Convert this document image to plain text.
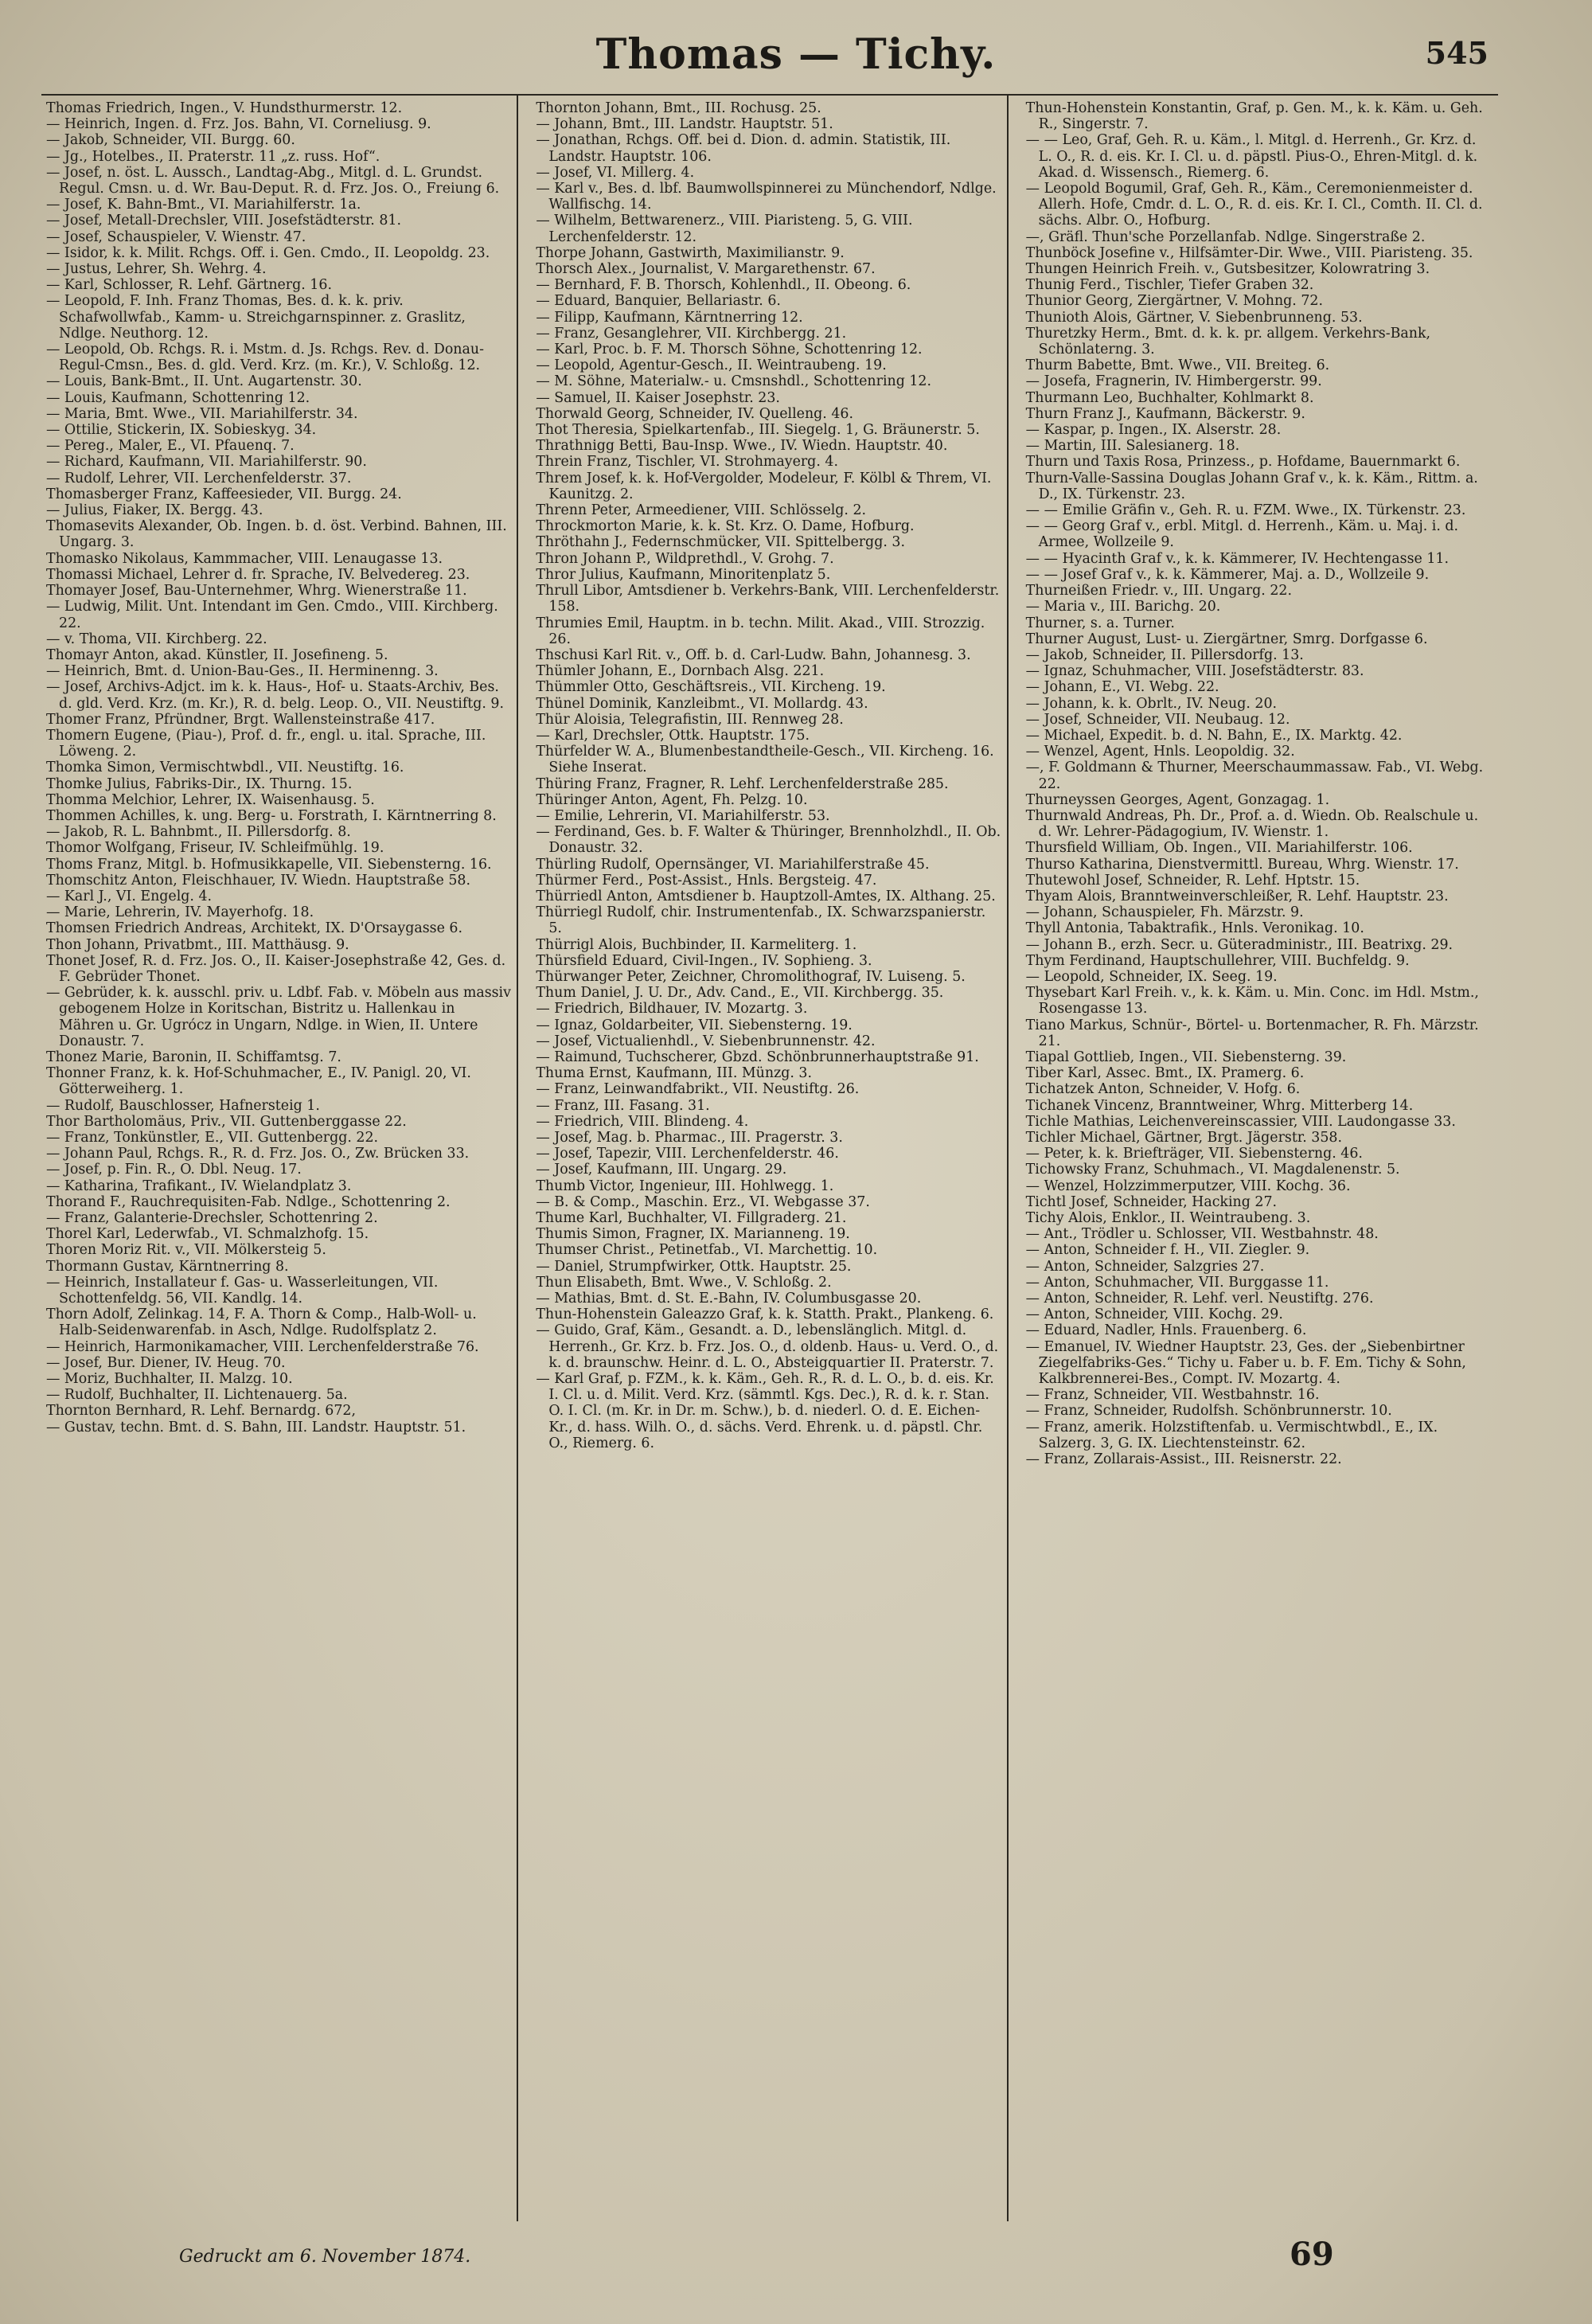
Thomas — Tichy.	545

Thomas Friedrich, Ingen., V. Hundsthurmerstr. 12.

— Heinrich, Ingen. d. Frz. Jos. Bahn, VI. Corneliusg. 9.

— Jakob, Schneider, VII. Burgg. 60.

— Jg., Hotelbes., II. Praterstr. 11 „z. russ. Hof“.

— Josef, n. öst. L. Aussch., Landtag-Abg., Mitgl. d. L. Grundst. Regul. Cmsn. u. d. Wr. Bau-Deput. R. d. Frz. Jos. O., Freiung 6.

— Josef, K. Bahn-Bmt., VI. Mariahilferstr. 1a.

— Josef, Metall-Drechsler, VIII. Josefstädterstr. 81.

— Josef, Schauspieler, V. Wienstr. 47.

— Isidor, k. k. Milit. Rchgs. Off. i. Gen. Cmdo., II. Leopoldg. 23.

— Justus, Lehrer, Sh. Wehrg. 4.

— Karl, Schlosser, R. Lehf. Gärtnerg. 16.

— Leopold, F. Inh. Franz Thomas, Bes. d. k. k. priv. Schafwollwfab., Kamm- u. Streichgarnspinner. z. Graslitz, Ndlge. Neuthorg. 12.

— Leopold, Ob. Rchgs. R. i. Mstm. d. Js. Rchgs. Rev. d. Donau-Regul-Cmsn., Bes. d. gld. Verd. Krz. (m. Kr.), V. Schloßg. 12.

— Louis, Bank-Bmt., II. Unt. Augartenstr. 30.

— Louis, Kaufmann, Schottenring 12.

— Maria, Bmt. Wwe., VII. Mariahilferstr. 34.

— Ottilie, Stickerin, IX. Sobieskyg. 34.

— Pereg., Maler, E., VI. Pfauenq. 7.

— Richard, Kaufmann, VII. Mariahilferstr. 90.

— Rudolf, Lehrer, VII. Lerchenfelderstr. 37.

Thomasberger Franz, Kaffeesieder, VII. Burgg. 24.

— Julius, Fiaker, IX. Bergg. 43.

Thomasevits Alexander, Ob. Ingen. b. d. öst. Verbind. Bahnen, III. Ungarg. 3.

Thomasko Nikolaus, Kammmacher, VIII. Lenaugasse 13.

Thomassi Michael, Lehrer d. fr. Sprache, IV. Belvedereg. 23.

Thomayer Josef, Bau-Unternehmer, Whrg. Wienerstraße 11.

— Ludwig, Milit. Unt. Intendant im Gen. Cmdo., VIII. Kirchberg. 22.

— v. Thoma, VII. Kirchberg. 22.

Thomayr Anton, akad. Künstler, II. Josefineng. 5.

— Heinrich, Bmt. d. Union-Bau-Ges., II. Herminenng. 3.

— Josef, Archivs-Adjct. im k. k. Haus-, Hof- u. Staats-Archiv, Bes. d. gld. Verd. Krz. (m. Kr.), R. d. belg. Leop. O., VII. Neustiftg. 9.

Thomer Franz, Pfründner, Brgt. Wallensteinstraße 417.

Thomern Eugene, (Piau-), Prof. d. fr., engl. u. ital. Sprache, III. Löweng. 2.

Thomka Simon, Vermischtwbdl., VII. Neustiftg. 16.

Thomke Julius, Fabriks-Dir., IX. Thurng. 15.

Thomma Melchior, Lehrer, IX. Waisenhausg. 5.

Thommen Achilles, k. ung. Berg- u. Forstrath, I. Kärntnerring 8.

— Jakob, R. L. Bahnbmt., II. Pillersdorfg. 8.

Thomor Wolfgang, Friseur, IV. Schleifmühlg. 19.

Thoms Franz, Mitgl. b. Hofmusikkapelle, VII. Siebensterng. 16.

Thomschitz Anton, Fleischhauer, IV. Wiedn. Hauptstraße 58.

— Karl J., VI. Engelg. 4.

— Marie, Lehrerin, IV. Mayerhofg. 18.

Thomsen Friedrich Andreas, Architekt, IX. D'Orsaygasse 6.

Thon Johann, Privatbmt., III. Matthäusg. 9.

Thonet Josef, R. d. Frz. Jos. O., II. Kaiser-Josephstraße 42, Ges. d. F. Gebrüder Thonet.

— Gebrüder, k. k. ausschl. priv. u. Ldbf. Fab. v. Möbeln aus massiv gebogenem Holze in Koritschan, Bistritz u. Hallenkau in Mähren u. Gr. Ugrócz in Ungarn, Ndlge. in Wien, II. Untere Donaustr. 7.

Thonez Marie, Baronin, II. Schiffamtsg. 7.

Thonner Franz, k. k. Hof-Schuhmacher, E., IV. Panigl. 20, VI. Götterweiherg. 1.

— Rudolf, Bauschlosser, Hafnersteig 1.

Thor Bartholomäus, Priv., VII. Guttenberggasse 22.

— Franz, Tonkünstler, E., VII. Guttenbergg. 22.

— Johann Paul, Rchgs. R., R. d. Frz. Jos. O., Zw. Brücken 33.

— Josef, p. Fin. R., O. Dbl. Neug. 17.

— Katharina, Trafikant., IV. Wielandplatz 3.

Thorand F., Rauchrequisiten-Fab. Ndlge., Schottenring 2.

— Franz, Galanterie-Drechsler, Schottenring 2.

Thorel Karl, Lederwfab., VI. Schmalzhofg. 15.

Thoren Moriz Rit. v., VII. Mölkersteig 5.

Thormann Gustav, Kärntnerring 8.

— Heinrich, Installateur f. Gas- u. Wasserleitungen, VII. Schottenfeldg. 56, VII. Kandlg. 14.

Thorn Adolf, Zelinkag. 14, F. A. Thorn & Comp., Halb-Woll- u. Halb-Seidenwarenfab. in Asch, Ndlge. Rudolfsplatz 2.

— Heinrich, Harmonikamacher, VIII. Lerchenfelderstraße 76.

— Josef, Bur. Diener, IV. Heug. 70.

— Moriz, Buchhalter, II. Malzg. 10.

— Rudolf, Buchhalter, II. Lichtenauerg. 5a.

Thornton Bernhard, R. Lehf. Bernardg. 672,

— Gustav, techn. Bmt. d. S. Bahn, III. Landstr. Hauptstr. 51.

Thornton Johann, Bmt., III. Rochusg. 25.

— Johann, Bmt., III. Landstr. Hauptstr. 51.

— Jonathan, Rchgs. Off. bei d. Dion. d. admin. Statistik, III. Landstr. Hauptstr. 106.

— Josef, VI. Millerg. 4.

— Karl v., Bes. d. lbf. Baumwollspinnerei zu Münchendorf, Ndlge. Wallfischg. 14.

— Wilhelm, Bettwarenerz., VIII. Piaristeng. 5, G. VIII. Lerchenfelderstr. 12.

Thorpe Johann, Gastwirth, Maximilianstr. 9.

Thorsch Alex., Journalist, V. Margarethenstr. 67.

— Bernhard, F. B. Thorsch, Kohlenhdl., II. Obeong. 6.

— Eduard, Banquier, Bellariastr. 6.

— Filipp, Kaufmann, Kärntnerring 12.

— Franz, Gesanglehrer, VII. Kirchbergg. 21.

— Karl, Proc. b. F. M. Thorsch Söhne, Schottenring 12.

— Leopold, Agentur-Gesch., II. Weintraubeng. 19.

— M. Söhne, Materialw.- u. Cmsnshdl., Schottenring 12.

— Samuel, II. Kaiser Josephstr. 23.

Thorwald Georg, Schneider, IV. Quelleng. 46.

Thot Theresia, Spielkartenfab., III. Siegelg. 1, G. Bräunerstr. 5.

Thrathnigg Betti, Bau-Insp. Wwe., IV. Wiedn. Hauptstr. 40.

Threin Franz, Tischler, VI. Strohmayerg. 4.

Threm Josef, k. k. Hof-Vergolder, Modeleur, F. Kölbl & Threm, VI. Kaunitzg. 2.

Threnn Peter, Armeediener, VIII. Schlösselg. 2.

Throckmorton Marie, k. k. St. Krz. O. Dame, Hofburg.

Thröthahn J., Federnschmücker, VII. Spittelbergg. 3.

Thron Johann P., Wildprethdl., V. Grohg. 7.

Thror Julius, Kaufmann, Minoritenplatz 5.

Thrull Libor, Amtsdiener b. Verkehrs-Bank, VIII. Lerchenfelderstr. 158.

Thrumies Emil, Hauptm. in b. techn. Milit. Akad., VIII. Strozzig. 26.

Thschusi Karl Rit. v., Off. b. d. Carl-Ludw. Bahn, Johannesg. 3.

Thümler Johann, E., Dornbach Alsg. 221.

Thümmler Otto, Geschäftsreis., VII. Kircheng. 19.

Thünel Dominik, Kanzleibmt., VI. Mollardg. 43.

Thür Aloisia, Telegrafistin, III. Rennweg 28.

— Karl, Drechsler, Ottk. Hauptstr. 175.

Thürfelder W. A., Blumenbestandtheile-Gesch., VII. Kircheng. 16. Siehe Inserat.

Thüring Franz, Fragner, R. Lehf. Lerchenfelderstraße 285.

Thüringer Anton, Agent, Fh. Pelzg. 10.

— Emilie, Lehrerin, VI. Mariahilferstr. 53.

— Ferdinand, Ges. b. F. Walter & Thüringer, Brennholzhdl., II. Ob. Donaustr. 32.

Thürling Rudolf, Opernsänger, VI. Mariahilferstraße 45.

Thürmer Ferd., Post-Assist., Hnls. Bergsteig. 47.

Thürriedl Anton, Amtsdiener b. Hauptzoll-Amtes, IX. Althang. 25.

Thürriegl Rudolf, chir. Instrumentenfab., IX. Schwarzspanierstr. 5.

Thürrigl Alois, Buchbinder, II. Karmeliterg. 1.

Thürsfield Eduard, Civil-Ingen., IV. Sophieng. 3.

Thürwanger Peter, Zeichner, Chromolithograf, IV. Luiseng. 5.

Thum Daniel, J. U. Dr., Adv. Cand., E., VII. Kirchbergg. 35.

— Friedrich, Bildhauer, IV. Mozartg. 3.

— Ignaz, Goldarbeiter, VII. Siebensterng. 19.

— Josef, Victualienhdl., V. Siebenbrunnenstr. 42.

— Raimund, Tuchscherer, Gbzd. Schönbrunnerhauptstraße 91.

Thuma Ernst, Kaufmann, III. Münzg. 3.

— Franz, Leinwandfabrikt., VII. Neustiftg. 26.

— Franz, III. Fasang. 31.

— Friedrich, VIII. Blindeng. 4.

— Josef, Mag. b. Pharmac., III. Pragerstr. 3.

— Josef, Tapezir, VIII. Lerchenfelderstr. 46.

— Josef, Kaufmann, III. Ungarg. 29.

Thumb Victor, Ingenieur, III. Hohlwegg. 1.

— B. & Comp., Maschin. Erz., VI. Webgasse 37.

Thume Karl, Buchhalter, VI. Fillgraderg. 21.

Thumis Simon, Fragner, IX. Marianneng. 19.

Thumser Christ., Petinetfab., VI. Marchettig. 10.

— Daniel, Strumpfwirker, Ottk. Hauptstr. 25.

Thun Elisabeth, Bmt. Wwe., V. Schloßg. 2.

— Mathias, Bmt. d. St. E.-Bahn, IV. Columbusgasse 20.

Thun-Hohenstein Galeazzo Graf, k. k. Statth. Prakt., Plankeng. 6.

— Guido, Graf, Käm., Gesandt. a. D., lebenslänglich. Mitgl. d. Herrenh., Gr. Krz. b. Frz. Jos. O., d. oldenb. Haus- u. Verd. O., d. k. d. braunschw. Heinr. d. L. O., Absteigquartier II. Praterstr. 7.

— Karl Graf, p. FZM., k. k. Käm., Geh. R., R. d. L. O., b. d. eis. Kr. I. Cl. u. d. Milit. Verd. Krz. (sämmtl. Kgs. Dec.), R. d. k. r. Stan. O. I. Cl. (m. Kr. in Dr. m. Schw.), b. d. niederl. O. d. E. Eichen-Kr., d. hass. Wilh. O., d. sächs. Verd. Ehrenk. u. d. päpstl. Chr. O., Riemerg. 6.

Thun-Hohenstein Konstantin, Graf, p. Gen. M., k. k. Käm. u. Geh. R., Singerstr. 7.

— — Leo, Graf, Geh. R. u. Käm., l. Mitgl. d. Herrenh., Gr. Krz. d. L. O., R. d. eis. Kr. I. Cl. u. d. päpstl. Pius-O., Ehren-Mitgl. d. k. Akad. d. Wissensch., Riemerg. 6.

— Leopold Bogumil, Graf, Geh. R., Käm., Ceremonienmeister d. Allerh. Hofe, Cmdr. d. L. O., R. d. eis. Kr. I. Cl., Comth. II. Cl. d. sächs. Albr. O., Hofburg.

—, Gräfl. Thun'sche Porzellanfab. Ndlge. Singerstraße 2.

Thunböck Josefine v., Hilfsämter-Dir. Wwe., VIII. Piaristeng. 35.

Thungen Heinrich Freih. v., Gutsbesitzer, Kolowratring 3.

Thunig Ferd., Tischler, Tiefer Graben 32.

Thunior Georg, Ziergärtner, V. Mohng. 72.

Thunioth Alois, Gärtner, V. Siebenbrunneng. 53.

Thuretzky Herm., Bmt. d. k. k. pr. allgem. Verkehrs-Bank, Schönlaterng. 3.

Thurm Babette, Bmt. Wwe., VII. Breiteg. 6.

— Josefa, Fragnerin, IV. Himbergerstr. 99.

Thurmann Leo, Buchhalter, Kohlmarkt 8.

Thurn Franz J., Kaufmann, Bäckerstr. 9.

— Kaspar, p. Ingen., IX. Alserstr. 28.

— Martin, III. Salesianerg. 18.

Thurn und Taxis Rosa, Prinzess., p. Hofdame, Bauernmarkt 6.

Thurn-Valle-Sassina Douglas Johann Graf v., k. k. Käm., Rittm. a. D., IX. Türkenstr. 23.

— — Emilie Gräfin v., Geh. R. u. FZM. Wwe., IX. Türkenstr. 23.

— — Georg Graf v., erbl. Mitgl. d. Herrenh., Käm. u. Maj. i. d. Armee, Wollzeile 9.

— — Hyacinth Graf v., k. k. Kämmerer, IV. Hechtengasse 11.

— — Josef Graf v., k. k. Kämmerer, Maj. a. D., Wollzeile 9.

Thurneißen Friedr. v., III. Ungarg. 22.

— Maria v., III. Barichg. 20.

Thurner, s. a. Turner.

Thurner August, Lust- u. Ziergärtner, Smrg. Dorfgasse 6.

— Jakob, Schneider, II. Pillersdorfg. 13.

— Ignaz, Schuhmacher, VIII. Josefstädterstr. 83.

— Johann, E., VI. Webg. 22.

— Johann, k. k. Obrlt., IV. Neug. 20.

— Josef, Schneider, VII. Neubaug. 12.

— Michael, Expedit. b. d. N. Bahn, E., IX. Marktg. 42.

— Wenzel, Agent, Hnls. Leopoldig. 32.

—, F. Goldmann & Thurner, Meerschaummassaw. Fab., VI. Webg. 22.

Thurneyssen Georges, Agent, Gonzagag. 1.

Thurnwald Andreas, Ph. Dr., Prof. a. d. Wiedn. Ob. Realschule u. d. Wr. Lehrer-Pädagogium, IV. Wienstr. 1.

Thursfield William, Ob. Ingen., VII. Mariahilferstr. 106.

Thurso Katharina, Dienstvermittl. Bureau, Whrg. Wienstr. 17.

Thutewohl Josef, Schneider, R. Lehf. Hptstr. 15.

Thyam Alois, Branntweinverschleißer, R. Lehf. Hauptstr. 23.

— Johann, Schauspieler, Fh. Märzstr. 9.

Thyll Antonia, Tabaktrafik., Hnls. Veronikag. 10.

— Johann B., erzh. Secr. u. Güteradministr., III. Beatrixg. 29.

Thym Ferdinand, Hauptschullehrer, VIII. Buchfeldg. 9.

— Leopold, Schneider, IX. Seeg. 19.

Thysebart Karl Freih. v., k. k. Käm. u. Min. Conc. im Hdl. Mstm., Rosengasse 13.

Tiano Markus, Schnür-, Börtel- u. Bortenmacher, R. Fh. Märzstr. 21.

Tiapal Gottlieb, Ingen., VII. Siebensterng. 39.

Tiber Karl, Assec. Bmt., IX. Pramerg. 6.

Tichatzek Anton, Schneider, V. Hofg. 6.

Tichanek Vincenz, Branntweiner, Whrg. Mitterberg 14.

Tichle Mathias, Leichenvereinscassier, VIII. Laudongasse 33.

Tichler Michael, Gärtner, Brgt. Jägerstr. 358.

— Peter, k. k. Briefträger, VII. Siebensterng. 46.

Tichowsky Franz, Schuhmach., VI. Magdalenenstr. 5.

— Wenzel, Holzzimmerputzer, VIII. Kochg. 36.

Tichtl Josef, Schneider, Hacking 27.

Tichy Alois, Enklor., II. Weintraubeng. 3.

— Ant., Trödler u. Schlosser, VII. Westbahnstr. 48.

— Anton, Schneider f. H., VII. Ziegler. 9.

— Anton, Schneider, Salzgries 27.

— Anton, Schuhmacher, VII. Burggasse 11.

— Anton, Schneider, R. Lehf. verl. Neustiftg. 276.

— Anton, Schneider, VIII. Kochg. 29.

— Eduard, Nadler, Hnls. Frauenberg. 6.

— Emanuel, IV. Wiedner Hauptstr. 23, Ges. der „Siebenbirtner Ziegelfabriks-Ges.“ Tichy u. Faber u. b. F. Em. Tichy & Sohn, Kalkbrennerei-Bes., Compt. IV. Mozartg. 4.

— Franz, Schneider, VII. Westbahnstr. 16.

— Franz, Schneider, Rudolfsh. Schönbrunnerstr. 10.

— Franz, amerik. Holzstiftenfab. u. Vermischtwbdl., E., IX. Salzerg. 3, G. IX. Liechtensteinstr. 62.

— Franz, Zollarais-Assist., III. Reisnerstr. 22.

Gedruckt am 6. November 1874.	69
